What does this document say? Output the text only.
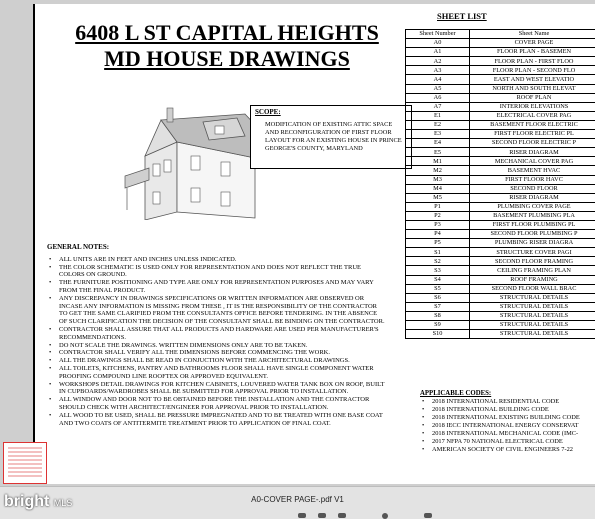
6408 L ST CAPITAL HEIGHTS
MD HOUSE DRAWINGS
SCOPE:
MODIFICATION OF EXISTING ATTIC SPACE AND RECONFIGURATION OF FIRST FLOOR LAYOUT FOR AN EXISTING HOUSE IN PRINCE GEORGE'S COUNTY, MARYLAND
GENERAL NOTES:
• ALL UNITS ARE IN FEET AND INCHES UNLESS INDICATED.
• THE COLOR SCHEMATIC IS USED ONLY FOR REPRESENTATION AND DOES NOT REFLECT THE TRUE COLORS ON GROUND.
• THE FURNITURE POSITIONING AND TYPE ARE ONLY FOR REPRESENTATION PURPOSES AND MAY VARY FROM THE FINAL PRODUCT.
• ANY DISCREPANCY IN DRAWINGS SPECIFICATIONS OR WRITTEN INFORMATION ARE OBSERVED OR INCASE ANY INFORMATION IS MISSING FROM THESE , IT IS THE RESPONSIBILITY OF THE CONTRACTOR TO GET THE SAME CLARIFIED FROM THE CONSULTANTS OFFICE BEFORE TENDERING. IN THE ABSENCE OF SUCH CLARIFICATION THE DECISION OF THE CONSULTANT SHALL BE BINDING ON THE CONTRACTOR.
• CONTRACTOR SHALL ASSURE THAT ALL PRODUCTS AND HARDWARE ARE USED PER MANUFACTURER'S RECOMMENDATIONS.
• DO NOT SCALE THE DRAWINGS. WRITTEN DIMENSIONS ONLY ARE TO BE TAKEN.
• CONTRACTOR SHALL VERIFY ALL THE DIMENSIONS BEFORE COMMENCING THE WORK.
• ALL THE DRAWINGS SHALL BE READ IN CONJUCTION WITH THE ARCHITECTURAL DRAWINGS.
• ALL TOILETS, KITCHENS, PANTRY AND BATHROOMS FLOOR SHALL HAVE SINGLE COMPONENT WATER PROOFING COMPOUND LINE ROOFTEX OR APPROVED EQUIVALENT.
• WORKSHOPS DETAIL DRAWINGS FOR KITCHEN CABINETS, LOUVERED WATER TANK BOX ON ROOF, BUILT IN CUPBOARDS/WARDROBES SHALL BE SUBMITTED FOR APPROVAL PRIOR TO INSTALLATION.
• ALL WINDOW AND DOOR NOT TO BE OBTAINED BEFORE THE INSTALLATION AND THE CONTRACTOR SHOULD CHECK WITH ARCHITECT/ENGINEER FOR APPROVAL PRIOR TO INSTALLATION.
• ALL WOOD TO BE USED, SHALL BE PRESSURE IMPREGNATED AND TO BE TREATED WITH ONE BASE COAT AND TWO COATS OF ANTITERMITE TREATMENT PRIOR TO APPLICATION OF FINAL COAT.
SHEET LIST
Sheet Number	Sheet Name
A0	COVER PAGE
A1	FLOOR PLAN - BASEMEN
A2	FLOOR PLAN - FIRST FLOO
A3	FLOOR PLAN - SECOND FLO
A4	EAST AND WEST ELEVATIO
A5	NORTH AND SOUTH ELEVAT
A6	ROOF PLAN
A7	INTERIOR ELEVATIONS
E1	ELECTRICAL COVER PAG
E2	BASEMENT FLOOR ELECTRIC
E3	FIRST FLOOR ELECTRIC PL
E4	SECOND FLOOR ELECTRIC P
E5	RISER DIAGRAM
M1	MECHANICAL COVER PAG
M2	BASEMENT HVAC
M3	FIRST FLOOR HAVC
M4	SECOND FLOOR
M5	RISER DIAGRAM
P1	PLUMBING COVER PAGE
P2	BASEMENT PLUMBING PLA
P3	FIRST FLOOR PLUMBING PL
P4	SECOND FLOOR PLUMBING P
P5	PLUMBING RISER DIAGRA
S1	STRUCTURE COVER PAGI
S2	SECOND FLOOR FRAMING
S3	CEILING FRAMING PLAN
S4	ROOF FRAMING
S5	SECOND FLOOR WALL BRAC
S6	STRUCTURAL DETAILS
S7	STRUCTURAL DETAILS
S8	STRUCTURAL DETAILS
S9	STRUCTURAL DETAILS
S10	STRUCTURAL DETAILS
APPLICABLE CODES:
• 2018 INTERNATIONAL RESIDENTIAL CODE
• 2018 INTERNATIONAL BUILDING CODE
• 2018 INTERNATIONAL EXISTING BUILDING CODE
• 2018 IECC INTERNATIONAL ENERGY CONSERVAT
• 2018 INTERNATIONAL MECHANICAL CODE (IMC-
• 2017 NFPA 70 NATIONAL ELECTRICAL CODE
• AMERICAN SOCIETY OF CIVIL ENGINEERS 7-22
A0-COVER PAGE-.pdf V1
bright MLS
